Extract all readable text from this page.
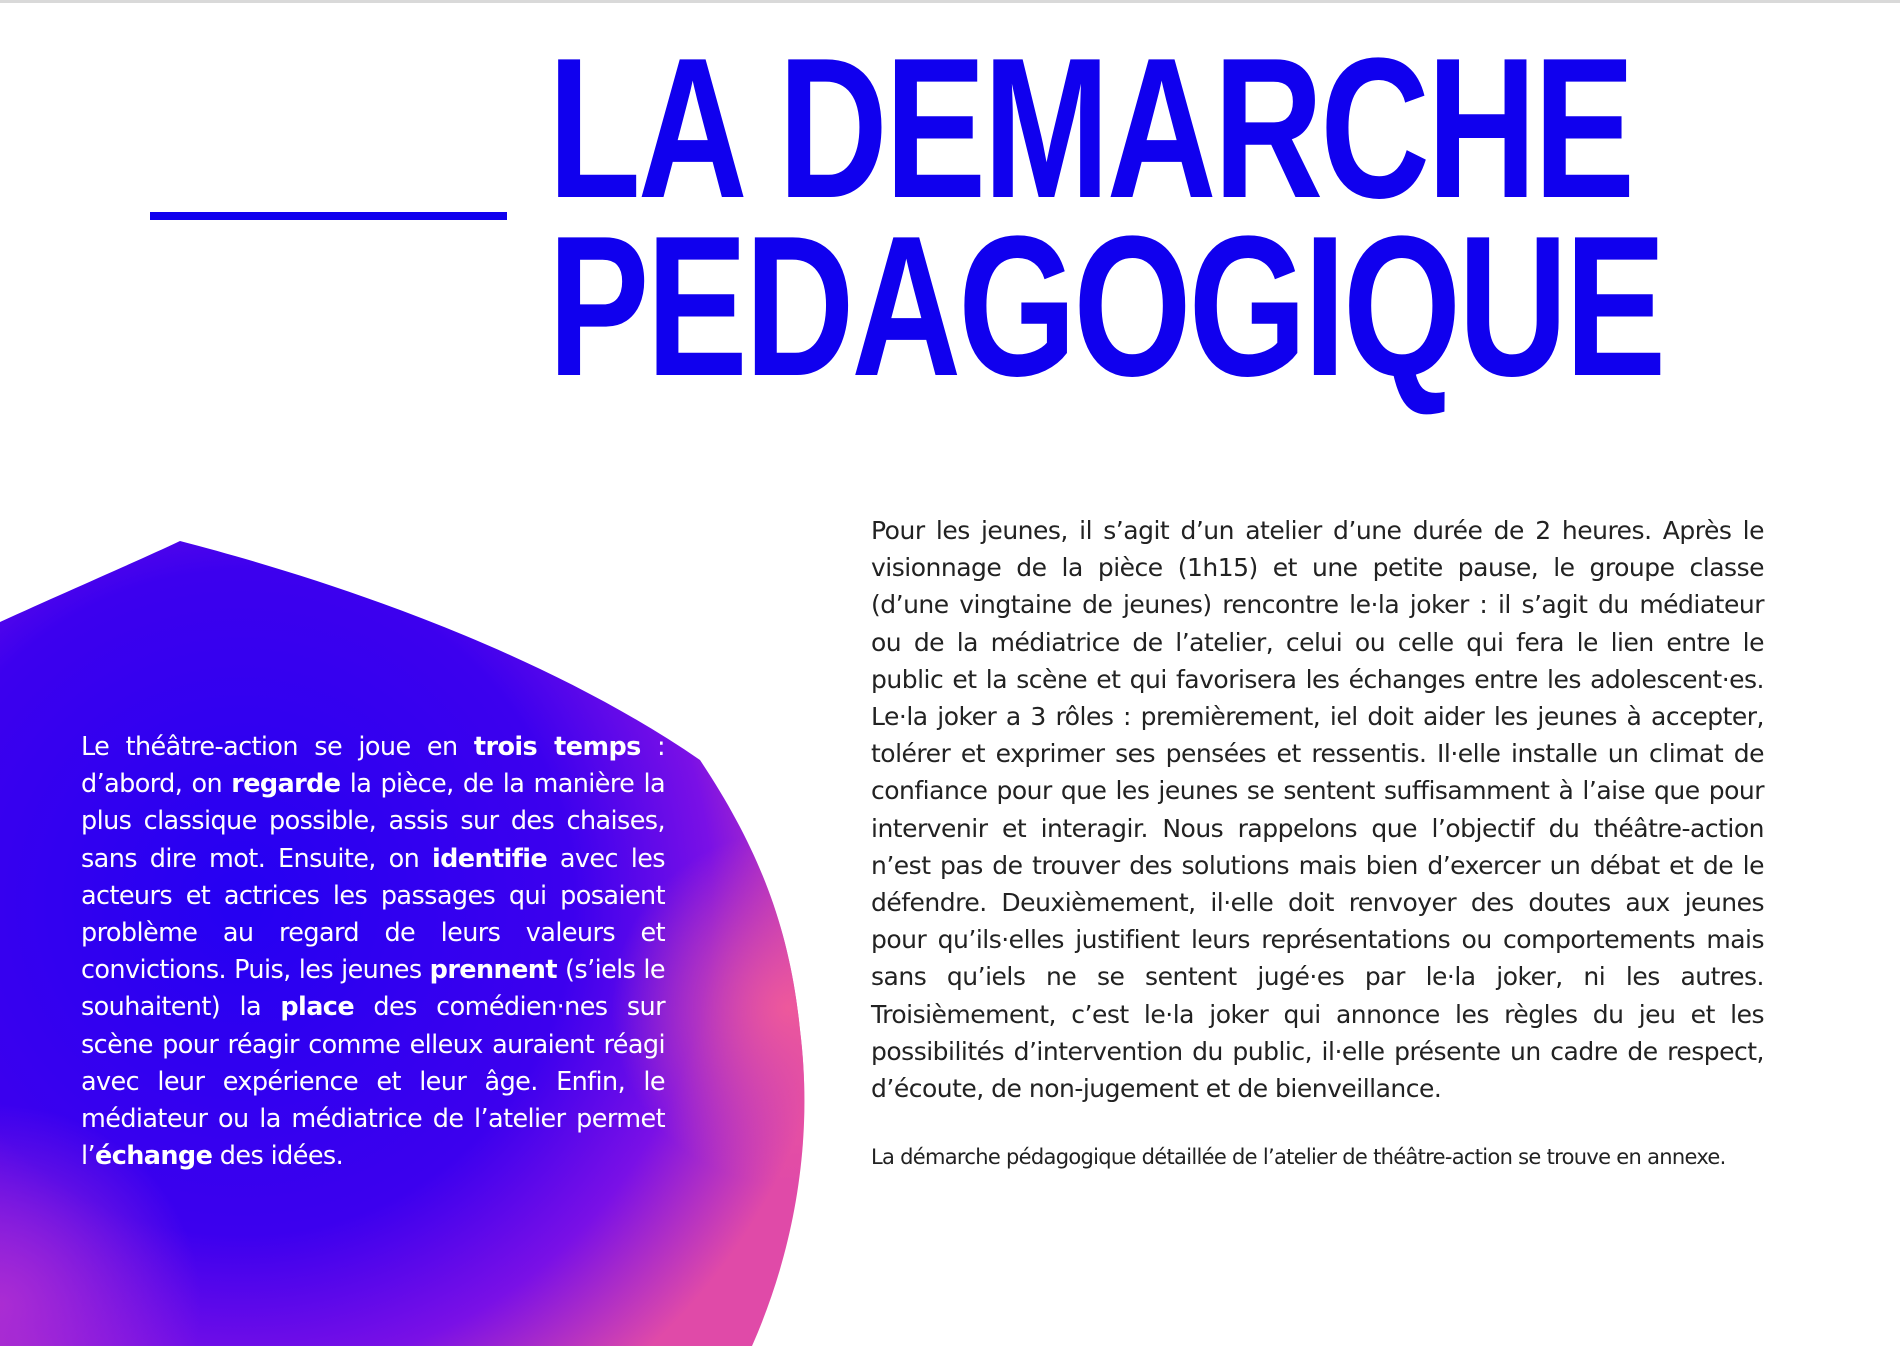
LA DEMARCHE
PEDAGOGIQUE

Le théâtre-action se joue en trois temps : d’abord, on regarde la pièce, de la manière la plus classique possible, assis sur des chaises, sans dire mot. Ensuite, on identifie avec les acteurs et actrices les passages qui posaient problème au regard de leurs valeurs et convictions. Puis, les jeunes prennent (s’iels le souhaitent) la place des comédien·nes sur scène pour réagir comme elleux auraient réagi avec leur expérience et leur âge. Enfin, le médiateur ou la médiatrice de l’atelier permet l’échange des idées.

Pour les jeunes, il s’agit d’un atelier d’une durée de 2 heures. Après le visionnage de la pièce (1h15) et une petite pause, le groupe classe (d’une vingtaine de jeunes) rencontre le·la joker : il s’agit du médiateur ou de la médiatrice de l’atelier, celui ou celle qui fera le lien entre le public et la scène et qui favorisera les échanges entre les adolescent·es. Le·la joker a 3 rôles : premièrement, iel doit aider les jeunes à accepter, tolérer et exprimer ses pensées et ressentis. Il·elle installe un climat de confiance pour que les jeunes se sentent suffisamment à l’aise que pour intervenir et interagir. Nous rappelons que l’objectif du théâtre-action n’est pas de trouver des solutions mais bien d’exercer un débat et de le défendre. Deuxièmement, il·elle doit renvoyer des doutes aux jeunes pour qu’ils·elles justifient leurs représentations ou comportements mais sans qu’iels ne se sentent jugé·es par le·la joker, ni les autres. Troisièmement, c’est le·la joker qui annonce les règles du jeu et les possibilités d’intervention du public, il·elle présente un cadre de respect, d’écoute, de non-jugement et de bienveillance.

La démarche pédagogique détaillée de l’atelier de théâtre-action se trouve en annexe.
